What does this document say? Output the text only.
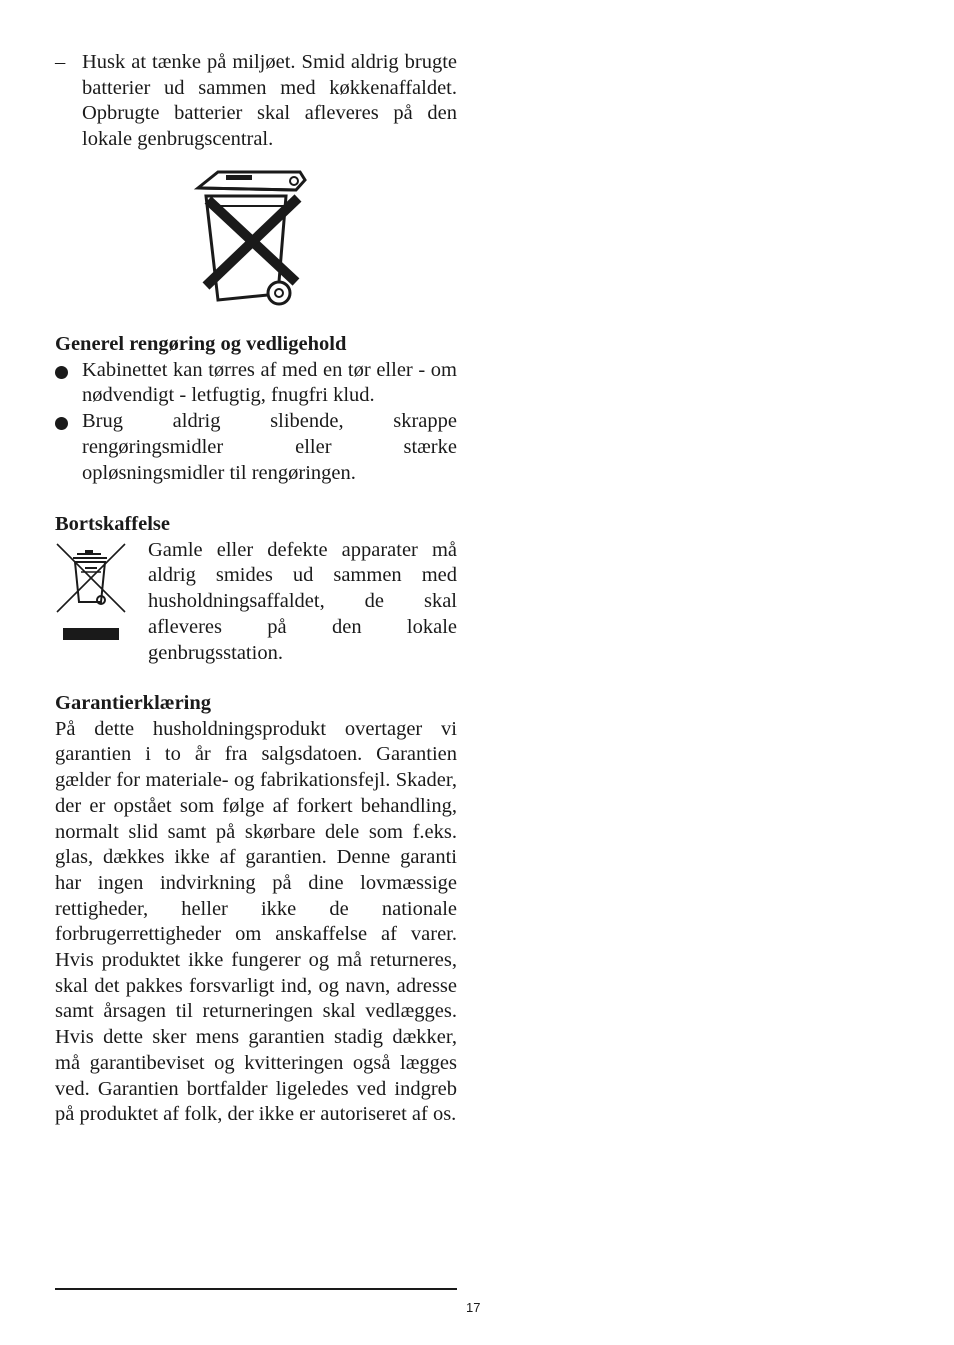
– Husk at tænke på miljøet. Smid aldrig brugte batterier ud sammen med køkkenaffaldet. Opbrugte batterier skal afleveres på den lokale genbrugscentral.

Generel rengøring og vedligehold

Kabinettet kan tørres af med en tør eller - om nødvendigt - letfugtig, fnugfri klud.
Brug aldrig slibende, skrappe rengøringsmidler eller stærke opløsningsmidler til rengøringen.

Bortskaffelse

Gamle eller defekte apparater må aldrig smides ud sammen med husholdningsaffaldet, de skal afleveres på den lokale genbrugsstation.

Garantierklæring

På dette husholdningsprodukt overtager vi garantien i to år fra salgsdatoen. Garantien gælder for materiale- og fabrikationsfejl. Skader, der er opstået som følge af forkert behandling, normalt slid samt på skørbare dele som f.eks. glas, dækkes ikke af garantien. Denne garanti har ingen indvirkning på dine lovmæssige rettigheder, heller ikke de nationale forbrugerrettigheder om anskaffelse af varer. Hvis produktet ikke fungerer og må returneres, skal det pakkes forsvarligt ind, og navn, adresse samt årsagen til returneringen skal vedlægges. Hvis dette sker mens garantien stadig dækker, må garantibeviset og kvitteringen også lægges ved. Garantien bortfalder ligeledes ved indgreb på produktet af folk, der ikke er autoriseret af os.
17
